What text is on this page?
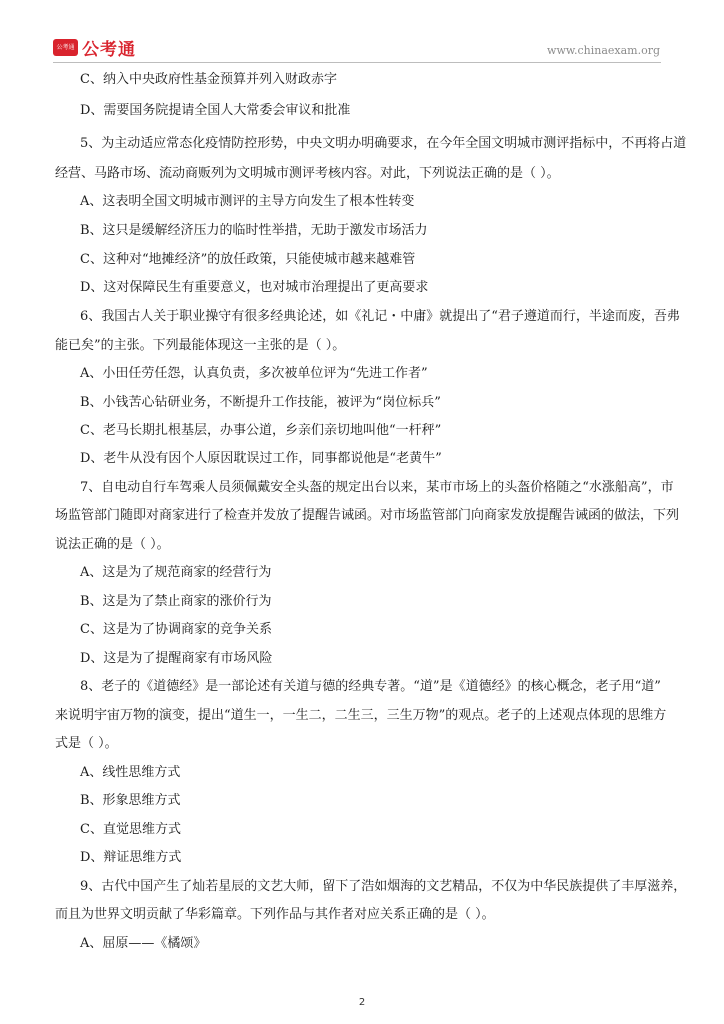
公考通 公考通	www.chinaexam.org
C、纳入中央政府性基金预算并列入财政赤字
D、需要国务院提请全国人大常委会审议和批准
5、为主动适应常态化疫情防控形势，中央文明办明确要求，在今年全国文明城市测评指标中，不再将占道
经营、马路市场、流动商贩列为文明城市测评考核内容。对此，下列说法正确的是（ ）。
A、这表明全国文明城市测评的主导方向发生了根本性转变
B、这只是缓解经济压力的临时性举措，无助于激发市场活力
C、这种对“地摊经济”的放任政策，只能使城市越来越难管
D、这对保障民生有重要意义，也对城市治理提出了更高要求
6、我国古人关于职业操守有很多经典论述，如《礼记・中庸》就提出了“君子遵道而行，半途而废，吾弗
能已矣”的主张。下列最能体现这一主张的是（ ）。
A、小田任劳任怨，认真负责，多次被单位评为“先进工作者”
B、小钱苦心钻研业务，不断提升工作技能，被评为“岗位标兵”
C、老马长期扎根基层，办事公道，乡亲们亲切地叫他“一杆秤”
D、老牛从没有因个人原因耽误过工作，同事都说他是“老黄牛”
7、自电动自行车驾乘人员须佩戴安全头盔的规定出台以来，某市市场上的头盔价格随之“水涨船高”，市
场监管部门随即对商家进行了检查并发放了提醒告诫函。对市场监管部门向商家发放提醒告诫函的做法，下列
说法正确的是（ ）。
A、这是为了规范商家的经营行为
B、这是为了禁止商家的涨价行为
C、这是为了协调商家的竞争关系
D、这是为了提醒商家有市场风险
8、老子的《道德经》是一部论述有关道与德的经典专著。“道”是《道德经》的核心概念，老子用“道”
来说明宇宙万物的演变，提出“道生一，一生二，二生三，三生万物”的观点。老子的上述观点体现的思维方
式是（ ）。
A、线性思维方式
B、形象思维方式
C、直觉思维方式
D、辩证思维方式
9、古代中国产生了灿若星辰的文艺大师，留下了浩如烟海的文艺精品，不仅为中华民族提供了丰厚滋养，
而且为世界文明贡献了华彩篇章。下列作品与其作者对应关系正确的是（ ）。
A、屈原——《橘颂》
2
